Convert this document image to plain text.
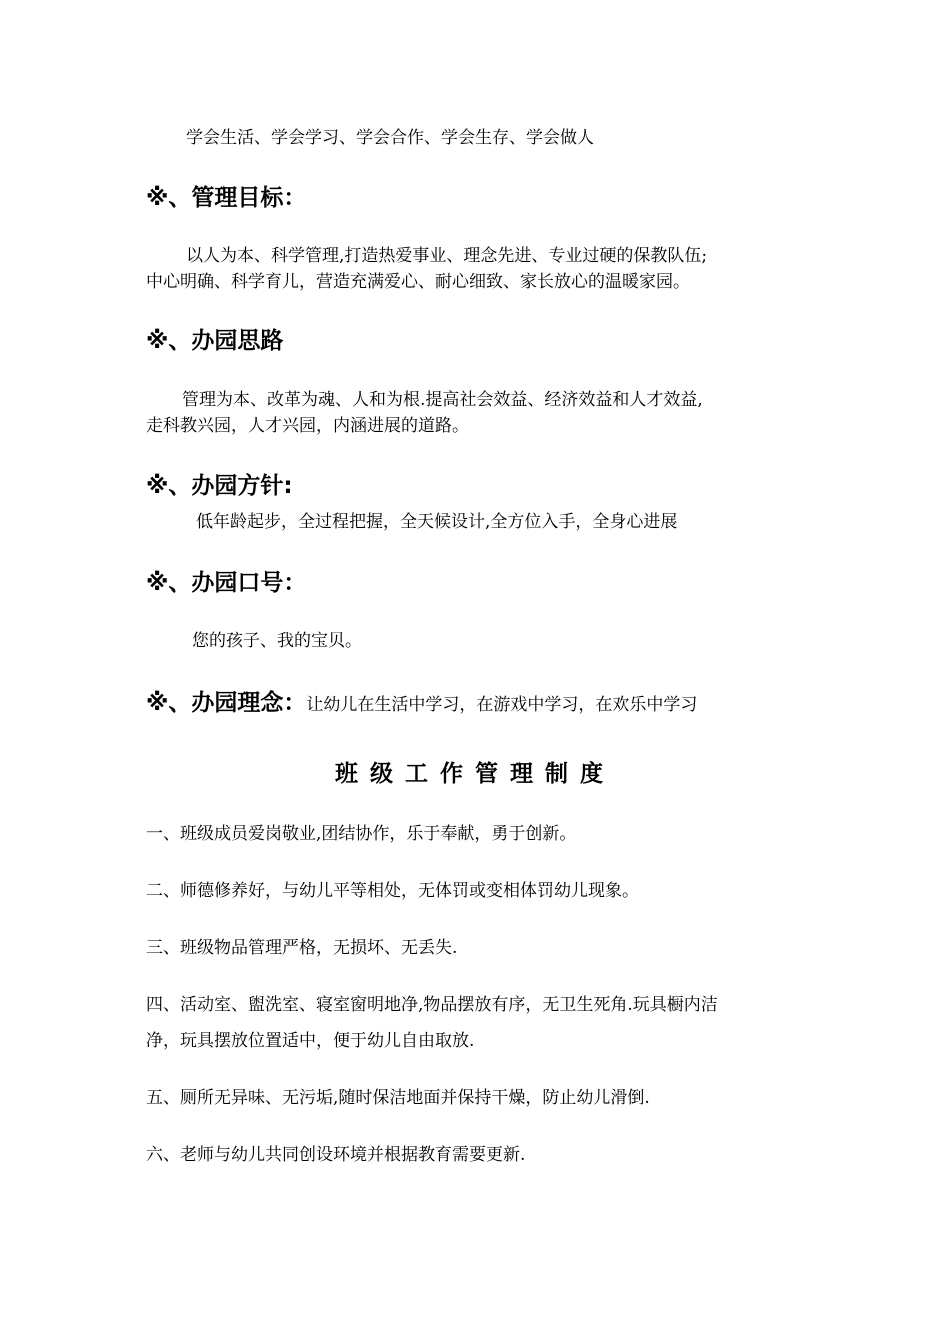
学会生活、学会学习、学会合作、学会生存、学会做人
※、管理目标：
以人为本、科学管理,打造热爱事业、理念先进、专业过硬的保教队伍;
中心明确、科学育儿，营造充满爱心、耐心细致、家长放心的温暖家园。
※、办园思路
管理为本、改革为魂、人和为根.提高社会效益、经济效益和人才效益,
走科教兴园，人才兴园，内涵进展的道路。
※、办园方针:
低年龄起步，全过程把握，全天候设计,全方位入手，全身心进展
※、办园口号：
您的孩子、我的宝贝。
※、办园理念：让幼儿在生活中学习，在游戏中学习，在欢乐中学习
班级工作管理制度
一、班级成员爱岗敬业,团结协作，乐于奉献，勇于创新。
二、师德修养好，与幼儿平等相处，无体罚或变相体罚幼儿现象。
三、班级物品管理严格，无损坏、无丢失.
四、活动室、盥洗室、寝室窗明地净,物品摆放有序，无卫生死角.玩具橱内洁
净，玩具摆放位置适中，便于幼儿自由取放.
五、厕所无异味、无污垢,随时保洁地面并保持干燥，防止幼儿滑倒.
六、老师与幼儿共同创设环境并根据教育需要更新.
